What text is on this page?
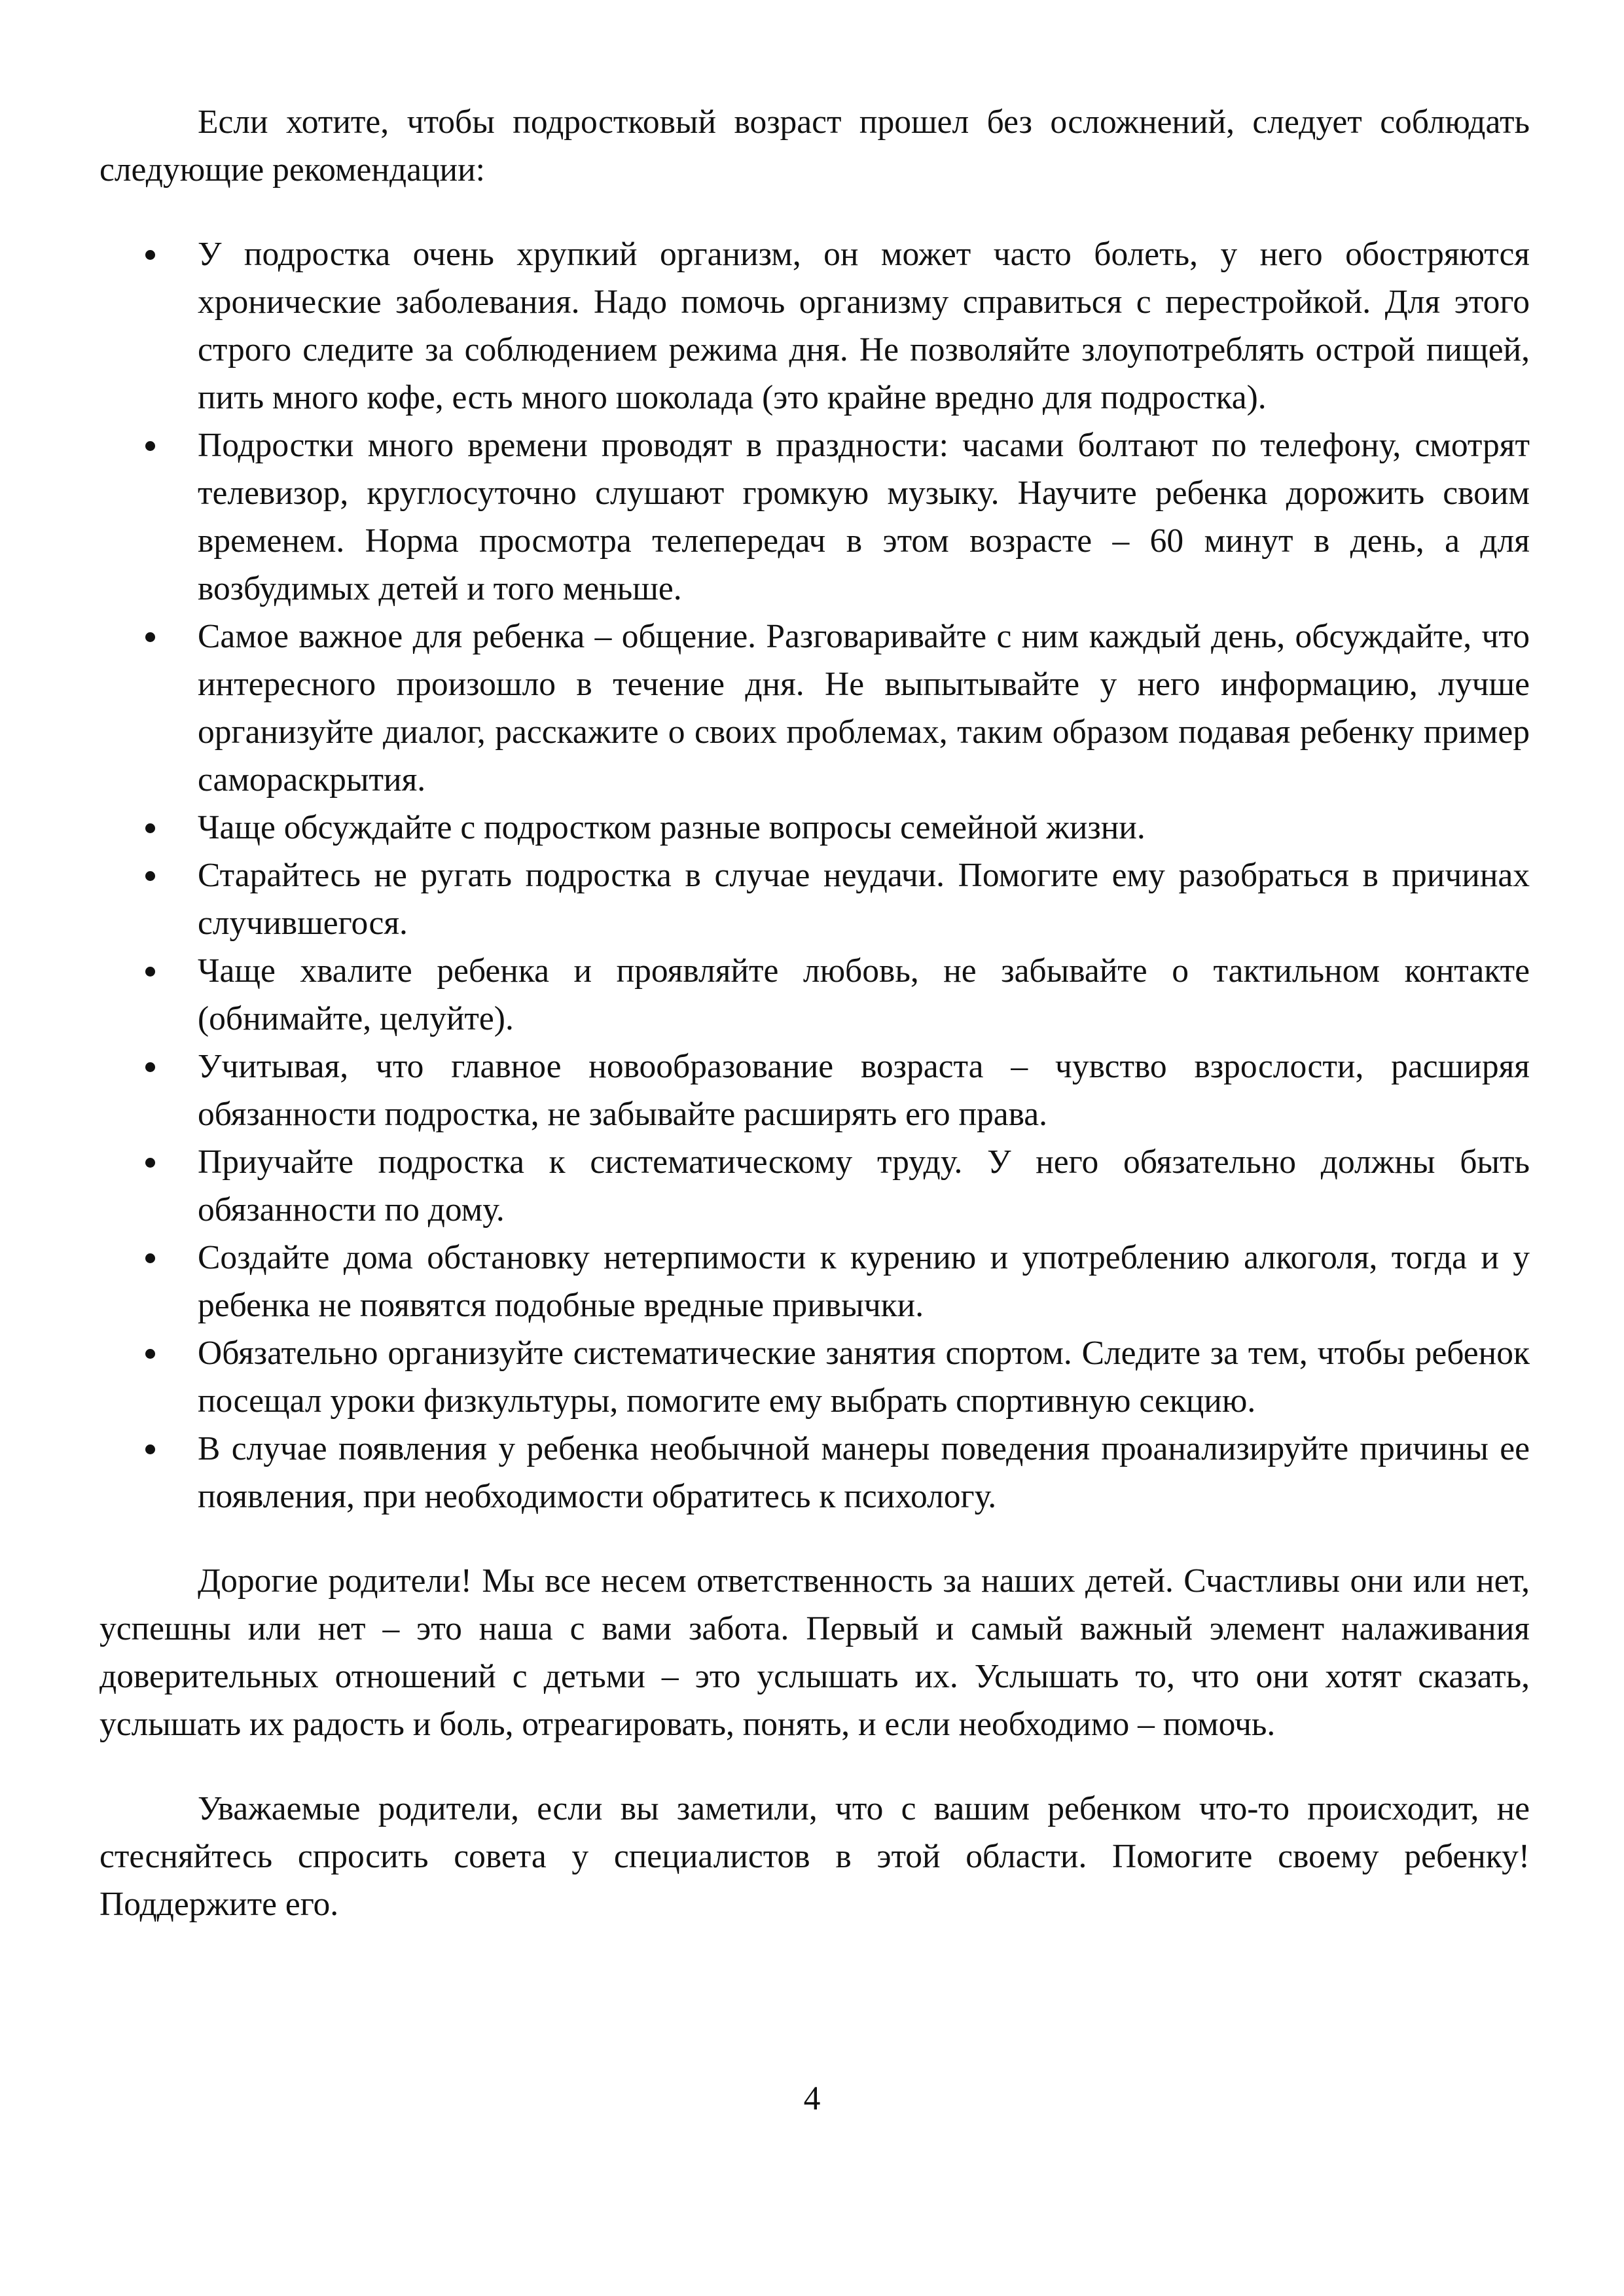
Если хотите, чтобы подростковый возраст прошел без осложнений, следует соблюдать следующие рекомендации:

У подростка очень хрупкий организм, он может часто болеть, у него обостряются хронические заболевания. Надо помочь организму справиться с перестройкой. Для этого строго следите за соблюдением режима дня. Не позволяйте злоупотреблять острой пищей, пить много кофе, есть много шоколада (это крайне вредно для подростка).
Подростки много времени проводят в праздности: часами болтают по телефону, смотрят телевизор, круглосуточно слушают громкую музыку. Научите ребенка дорожить своим временем. Норма просмотра телепередач в этом возрасте – 60 минут в день, а для возбудимых детей и того меньше.
Самое важное для ребенка – общение. Разговаривайте с ним каждый день, обсуждайте, что интересного произошло в течение дня. Не выпытывайте у него информацию, лучше организуйте диалог, расскажите о своих проблемах, таким образом подавая ребенку пример самораскрытия.
Чаще обсуждайте с подростком разные вопросы семейной жизни.
Старайтесь не ругать подростка в случае неудачи. Помогите ему разобраться в причинах случившегося.
Чаще хвалите ребенка и проявляйте любовь, не забывайте о тактильном контакте (обнимайте, целуйте).
Учитывая, что главное новообразование возраста – чувство взрослости, расширяя обязанности подростка, не забывайте расширять его права.
Приучайте подростка к систематическому труду. У него обязательно должны быть обязанности по дому.
Создайте дома обстановку нетерпимости к курению и употреблению алкоголя, тогда и у ребенка не появятся подобные вредные привычки.
Обязательно организуйте систематические занятия спортом. Следите за тем, чтобы ребенок посещал уроки физкультуры, помогите ему выбрать спортивную секцию.
В случае появления у ребенка необычной манеры поведения проанализируйте причины ее появления, при необходимости обратитесь к психологу.

Дорогие родители! Мы все несем ответственность за наших детей. Счастливы они или нет, успешны или нет – это наша с вами забота. Первый и самый важный элемент налаживания доверительных отношений с детьми – это услышать их. Услышать то, что они хотят сказать, услышать их радость и боль, отреагировать, понять, и если необходимо – помочь.

Уважаемые родители, если вы заметили, что с вашим ребенком что-то происходит, не стесняйтесь спросить совета у специалистов в этой области. Помогите своему ребенку! Поддержите его.

4
